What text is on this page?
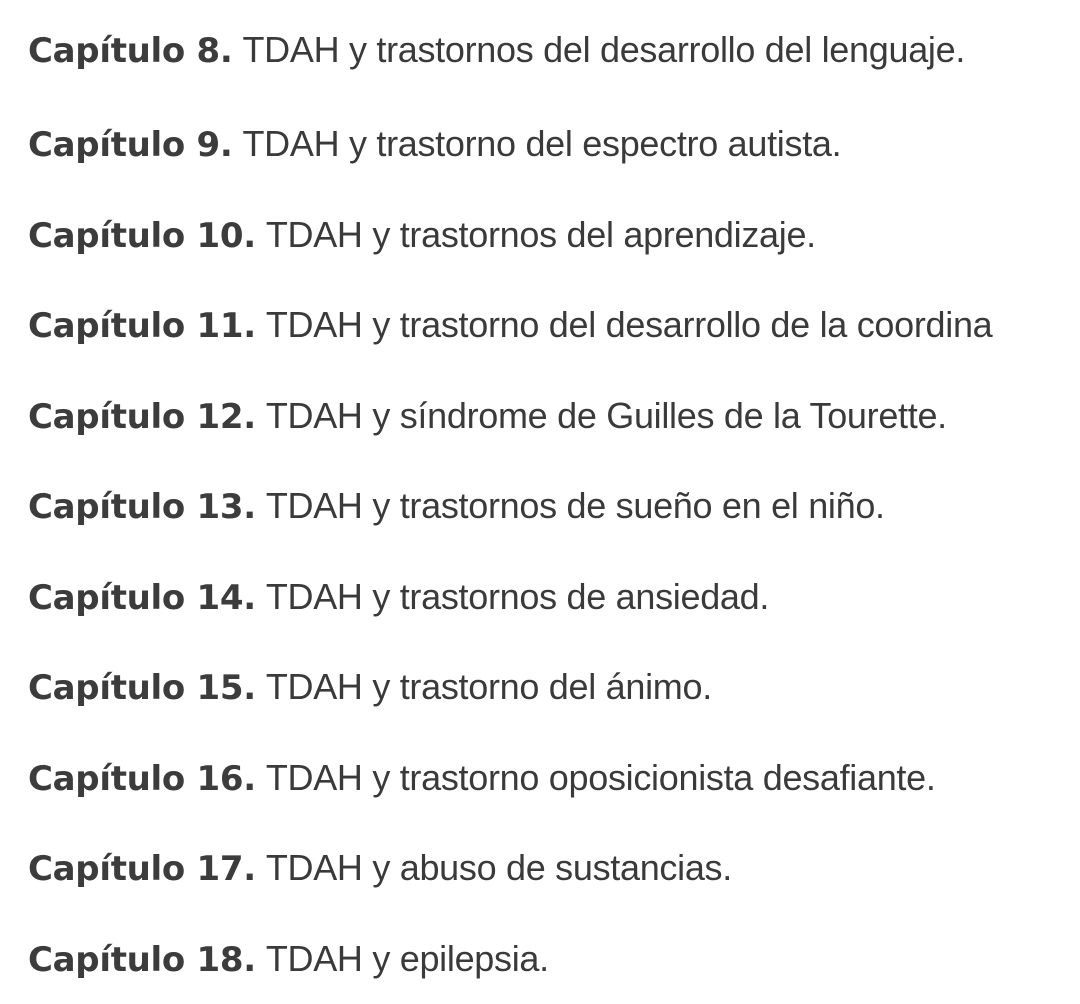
Capítulo 8. TDAH y trastornos del desarrollo del lenguaje.
Capítulo 9. TDAH y trastorno del espectro autista.
Capítulo 10. TDAH y trastornos del aprendizaje.
Capítulo 11. TDAH y trastorno del desarrollo de la coordina
Capítulo 12. TDAH y síndrome de Guilles de la Tourette.
Capítulo 13. TDAH y trastornos de sueño en el niño.
Capítulo 14. TDAH y trastornos de ansiedad.
Capítulo 15. TDAH y trastorno del ánimo.
Capítulo 16. TDAH y trastorno oposicionista desafiante.
Capítulo 17. TDAH y abuso de sustancias.
Capítulo 18. TDAH y epilepsia.
